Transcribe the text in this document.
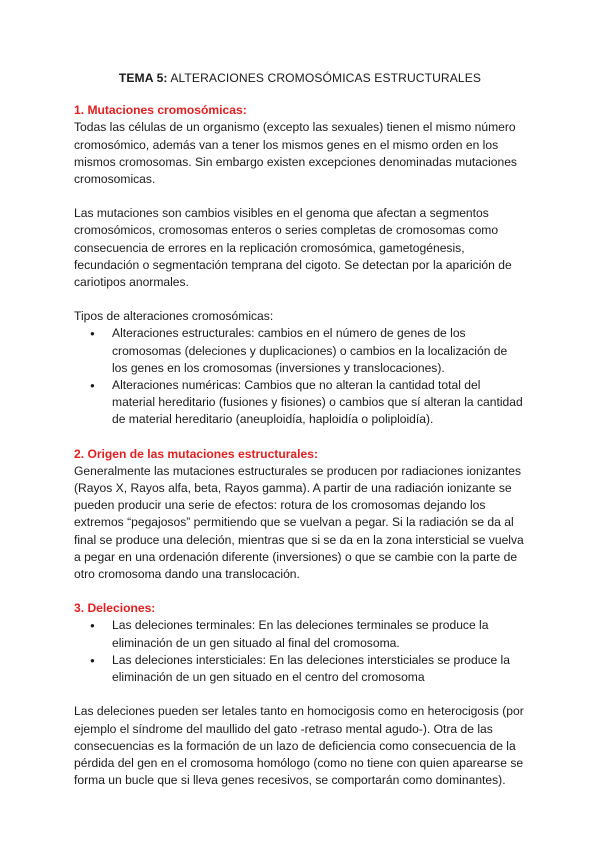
TEMA 5: ALTERACIONES CROMOSÓMICAS ESTRUCTURALES

1. Mutaciones cromosómicas:

Todas las células de un organismo (excepto las sexuales) tienen el mismo número cromosómico, además van a tener los mismos genes en el mismo orden en los mismos cromosomas. Sin embargo existen excepciones denominadas mutaciones cromosomicas.

Las mutaciones son cambios visibles en el genoma que afectan a segmentos cromosómicos, cromosomas enteros o series completas de cromosomas como consecuencia de errores en la replicación cromosómica, gametogénesis, fecundación o segmentación temprana del cigoto. Se detectan por la aparición de cariotipos anormales.

Tipos de alteraciones cromosómicas:

● Alteraciones estructurales: cambios en el número de genes de los cromosomas (deleciones y duplicaciones) o cambios en la localización de los genes en los cromosomas (inversiones y translocaciones).
● Alteraciones numéricas: Cambios que no alteran la cantidad total del material hereditario (fusiones y fisiones) o cambios que sí alteran la cantidad de material hereditario (aneuploidía, haploidía o poliploidía).

2. Origen de las mutaciones estructurales:

Generalmente las mutaciones estructurales se producen por radiaciones ionizantes (Rayos X, Rayos alfa, beta, Rayos gamma). A partir de una radiación ionizante se pueden producir una serie de efectos: rotura de los cromosomas dejando los extremos “pegajosos” permitiendo que se vuelvan a pegar. Si la radiación se da al final se produce una deleción, mientras que si se da en la zona intersticial se vuelva a pegar en una ordenación diferente (inversiones) o que se cambie con la parte de otro cromosoma dando una translocación.

3. Deleciones:

● Las deleciones terminales: En las deleciones terminales se produce la eliminación de un gen situado al final del cromosoma.
● Las deleciones intersticiales: En las deleciones intersticiales se produce la eliminación de un gen situado en el centro del cromosoma

Las deleciones pueden ser letales tanto en homocigosis como en heterocigosis (por ejemplo el síndrome del maullido del gato -retraso mental agudo-). Otra de las consecuencias es la formación de un lazo de deficiencia como consecuencia de la pérdida del gen en el cromosoma homólogo (como no tiene con quien aparearse se forma un bucle que si lleva genes recesivos, se comportarán como dominantes).
